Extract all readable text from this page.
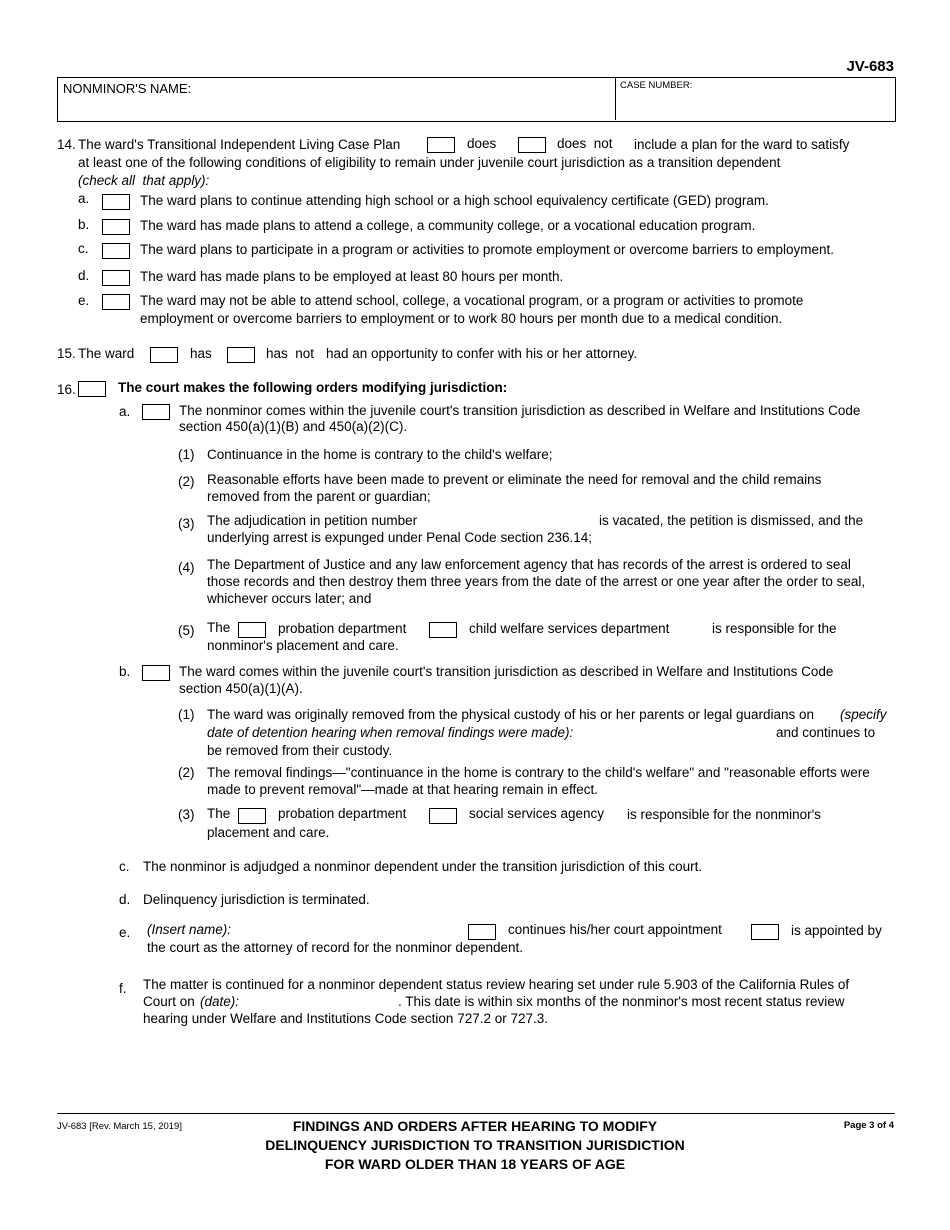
JV-683
NONMINOR'S NAME:	CASE NUMBER:
14. The ward's Transitional Independent Living Case Plan	does	does  not include a plan for the ward to satisfy
at least one of the following conditions of eligibility to remain under juvenile court jurisdiction as a transition dependent
(check all  that apply):
a.	The ward plans to continue attending high school or a high school equivalency certificate (GED) program.
b.	The ward has made plans to attend a college, a community college, or a vocational education program.
c.	The ward plans to participate in a program or activities to promote employment or overcome barriers to employment.
d.	The ward has made plans to be employed at least 80 hours per month.
e.	The ward may not be able to attend school, college, a vocational program, or a program or activities to promote
employment or overcome barriers to employment or to work 80 hours per month due to a medical condition.
15. The ward	has	has  not had an opportunity to confer with his or her attorney.
16.	The court makes the following orders modifying jurisdiction:
a.	The nonminor comes within the juvenile court's transition jurisdiction as described in Welfare and Institutions Code
section 450(a)(1)(B) and 450(a)(2)(C).
(1) Continuance in the home is contrary to the child's welfare;
(2) Reasonable efforts have been made to prevent or eliminate the need for removal and the child remains
removed from the parent or guardian;
(3) The adjudication in petition number	is vacated, the petition is dismissed, and the
underlying arrest is expunged under Penal Code section 236.14;
(4) The Department of Justice and any law enforcement agency that has records of the arrest is ordered to seal
those records and then destroy them three years from the date of the arrest or one year after the order to seal,
whichever occurs later; and
(5) The	probation department	child welfare services department	is responsible for the
nonminor's placement and care.
b.	The ward comes within the juvenile court's transition jurisdiction as described in Welfare and Institutions Code
section 450(a)(1)(A).
(1) The ward was originally removed from the physical custody of his or her parents or legal guardians on (specify
date of detention hearing when removal findings were made):	and continues to
be removed from their custody.
(2) The removal findings—"continuance in the home is contrary to the child's welfare" and "reasonable efforts were
made to prevent removal"—made at that hearing remain in effect.
(3) The	probation department	social services agency is responsible for the nonminor's
placement and care.
c. The nonminor is adjudged a nonminor dependent under the transition jurisdiction of this court.
d. Delinquency jurisdiction is terminated.
e. (Insert name):	continues his/her court appointment	is appointed by
the court as the attorney of record for the nonminor dependent.
f. The matter is continued for a nonminor dependent status review hearing set under rule 5.903 of the California Rules of
Court on (date):	. This date is within six months of the nonminor's most recent status review
hearing under Welfare and Institutions Code section 727.2 or 727.3.
JV-683 [Rev. March 15, 2019]	FINDINGS AND ORDERS AFTER HEARING TO MODIFY
DELINQUENCY JURISDICTION TO TRANSITION JURISDICTION
FOR WARD OLDER THAN 18 YEARS OF AGE
Page 3 of 4
